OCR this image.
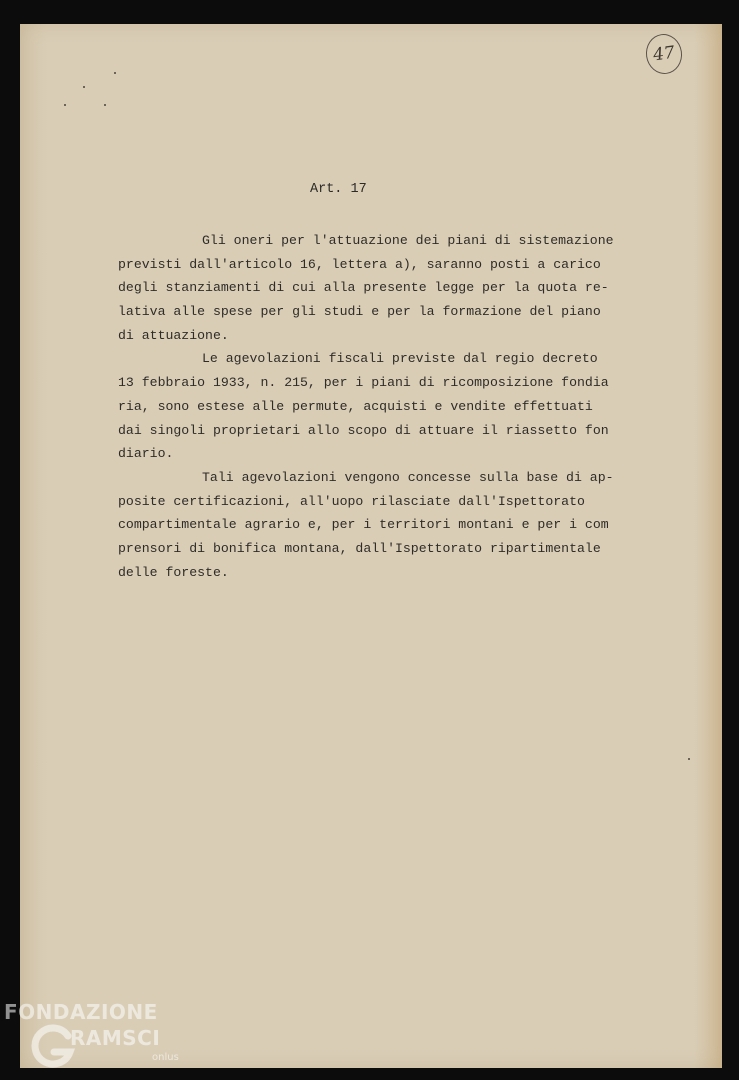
47
Art. 17
Gli oneri per l'attuazione dei piani di sistemazione
previsti dall'articolo 16, lettera a), saranno posti a carico
degli stanziamenti di cui alla presente legge per la quota re-
lativa alle spese per gli studi e per la formazione del piano
di attuazione.
Le agevolazioni fiscali previste dal regio decreto
13 febbraio 1933, n. 215, per i piani di ricomposizione fondia
ria, sono estese alle permute, acquisti e vendite effettuati
dai singoli proprietari allo scopo di attuare il riassetto fon
diario.
Tali agevolazioni vengono concesse sulla base di ap-
posite certificazioni, all'uopo rilasciate dall'Ispettorato
compartimentale agrario e, per i territori montani e per i com
prensori di bonifica montana, dall'Ispettorato ripartimentale
delle foreste.
FONDAZIONE
RAMSCI
onlus
